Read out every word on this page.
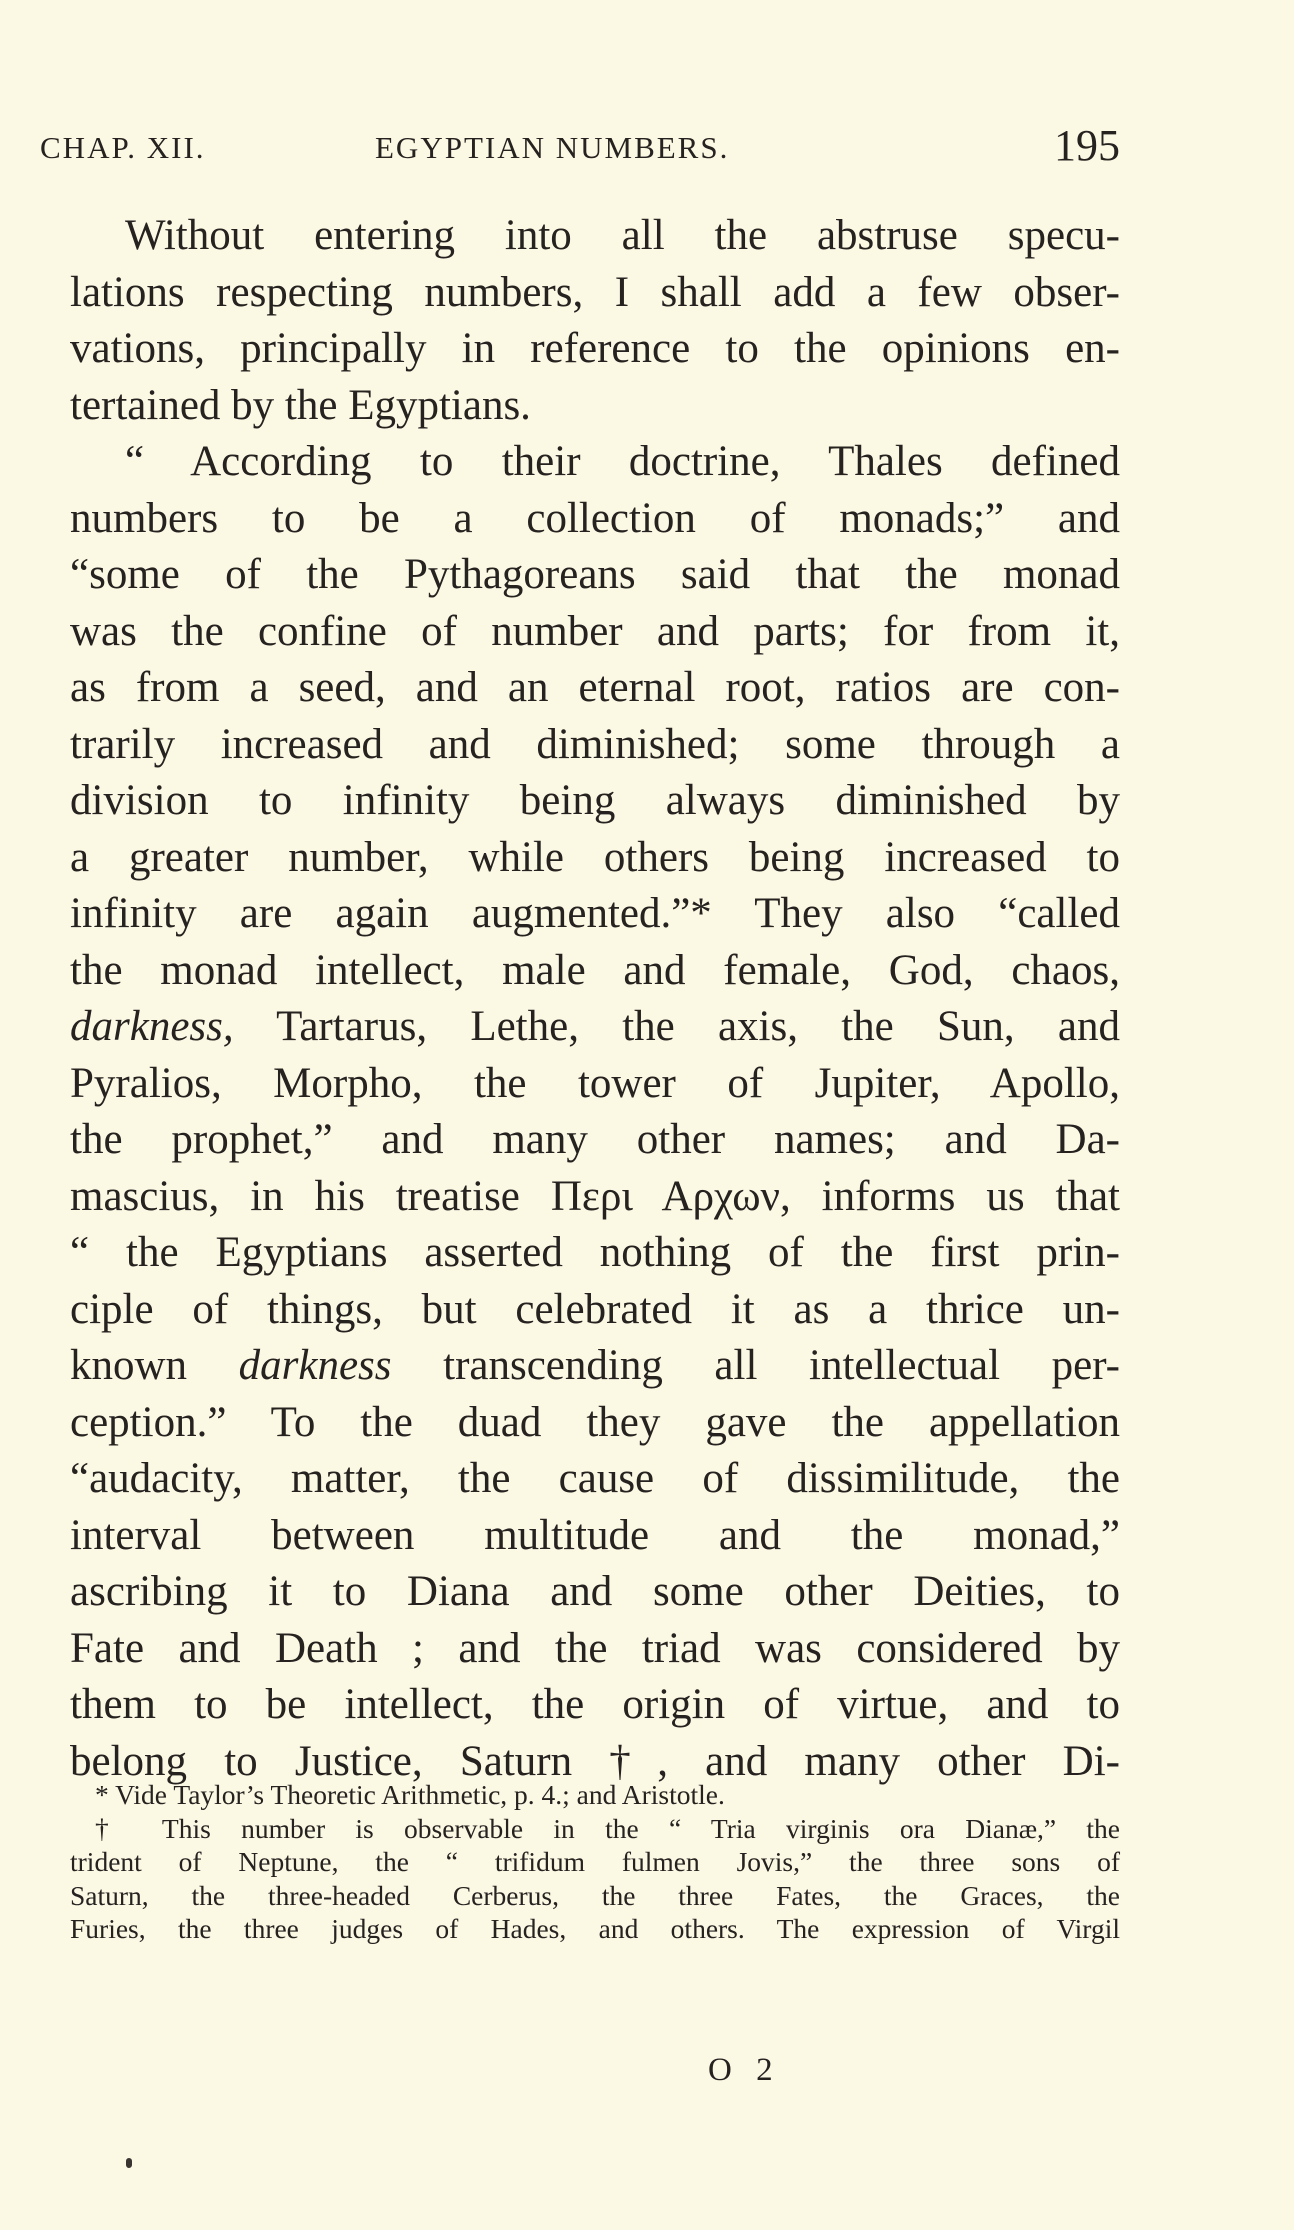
CHAP. XII.	EGYPTIAN NUMBERS.	195
Without entering into all the abstruse specu-
lations respecting numbers, I shall add a few obser-
vations, principally in reference to the opinions en-
tertained by the Egyptians.
“ According to their doctrine, Thales defined
numbers to be a collection of monads;” and
“some of the Pythagoreans said that the monad
was the confine of number and parts; for from it,
as from a seed, and an eternal root, ratios are con-
trarily increased and diminished; some through a
division to infinity being always diminished by
a greater number, while others being increased to
infinity are again augmented.”* They also “called
the monad intellect, male and female, God, chaos,
darkness, Tartarus, Lethe, the axis, the Sun, and
Pyralios, Morpho, the tower of Jupiter, Apollo,
the prophet,” and many other names; and Da-
mascius, in his treatise Περι Αρχων, informs us that
“ the Egyptians asserted nothing of the first prin-
ciple of things, but celebrated it as a thrice un-
known darkness transcending all intellectual per-
ception.” To the duad they gave the appellation
“audacity, matter, the cause of dissimilitude, the
interval between multitude and the monad,”
ascribing it to Diana and some other Deities, to
Fate and Death ; and the triad was considered by
them to be intellect, the origin of virtue, and to
belong to Justice, Saturn †, and many other Di-
* Vide Taylor’s Theoretic Arithmetic, p. 4.; and Aristotle.
† This number is observable in the “ Tria virginis ora Dianæ,” the
trident of Neptune, the “ trifidum fulmen Jovis,” the three sons of
Saturn, the three-headed Cerberus, the three Fates, the Graces, the
Furies, the three judges of Hades, and others. The expression of Virgil
O 2
